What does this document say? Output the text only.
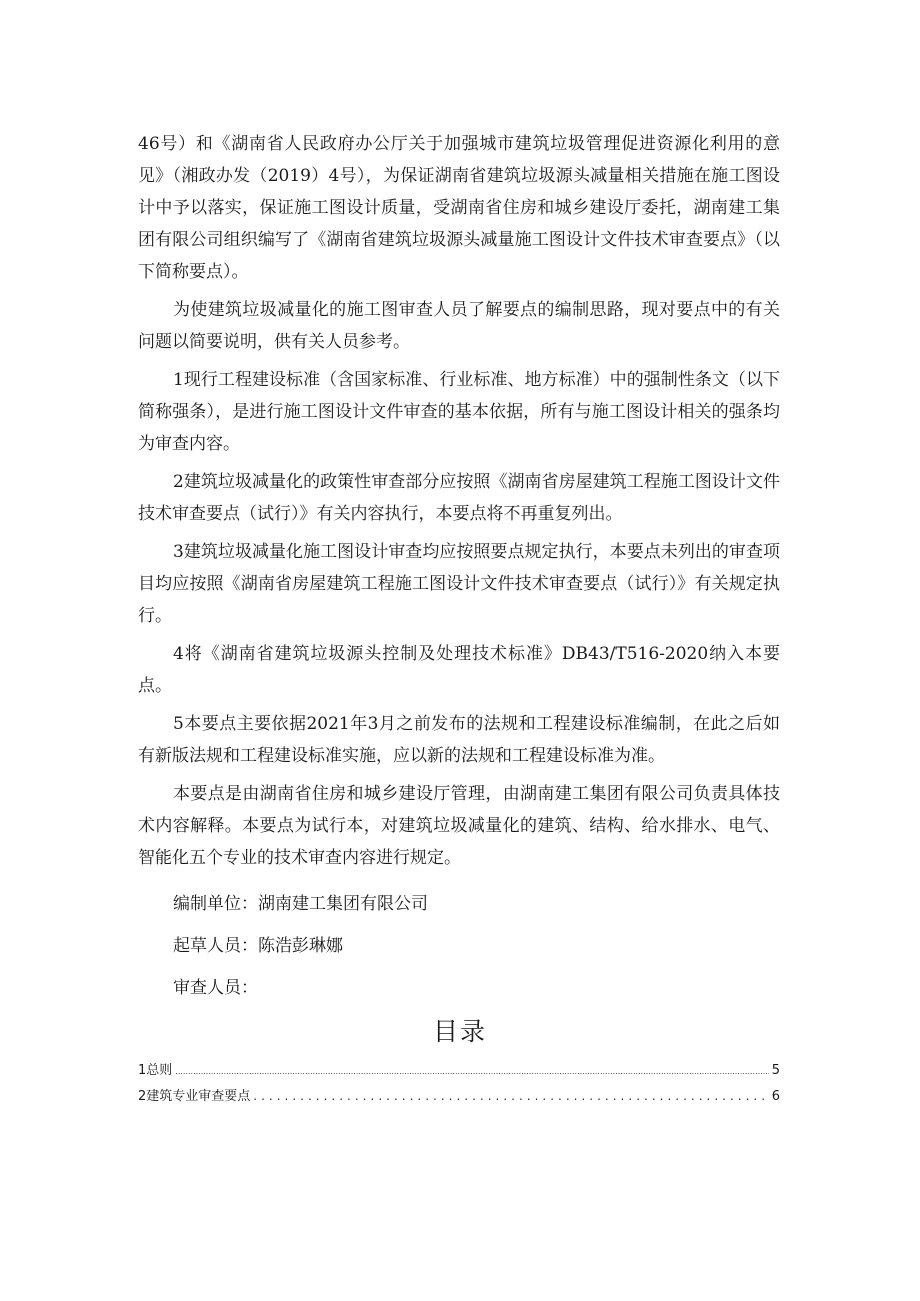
46号）和《湖南省人民政府办公厅关于加强城市建筑垃圾管理促进资源化利用的意见》（湘政办发（2019）4号），为保证湖南省建筑垃圾源头减量相关措施在施工图设计中予以落实，保证施工图设计质量，受湖南省住房和城乡建设厅委托，湖南建工集团有限公司组织编写了《湖南省建筑垃圾源头减量施工图设计文件技术审查要点》（以下简称要点）。

为使建筑垃圾减量化的施工图审查人员了解要点的编制思路，现对要点中的有关问题以简要说明，供有关人员参考。

1现行工程建设标准（含国家标准、行业标准、地方标准）中的强制性条文（以下简称强条），是进行施工图设计文件审查的基本依据，所有与施工图设计相关的强条均为审查内容。

2建筑垃圾减量化的政策性审查部分应按照《湖南省房屋建筑工程施工图设计文件技术审查要点（试行）》有关内容执行，本要点将不再重复列出。

3建筑垃圾减量化施工图设计审查均应按照要点规定执行，本要点未列出的审查项目均应按照《湖南省房屋建筑工程施工图设计文件技术审查要点（试行）》有关规定执行。

4将《湖南省建筑垃圾源头控制及处理技术标准》DB43/T516-2020纳入本要点。

5本要点主要依据2021年3月之前发布的法规和工程建设标准编制，在此之后如有新版法规和工程建设标准实施，应以新的法规和工程建设标准为准。

本要点是由湖南省住房和城乡建设厅管理，由湖南建工集团有限公司负责具体技术内容解释。本要点为试行本，对建筑垃圾减量化的建筑、结构、给水排水、电气、智能化五个专业的技术审查内容进行规定。

编制单位：湖南建工集团有限公司
起草人员：陈浩彭琳娜
审查人员：
目录
1总则 .....	5
2建筑专业审查要点 .....	6
